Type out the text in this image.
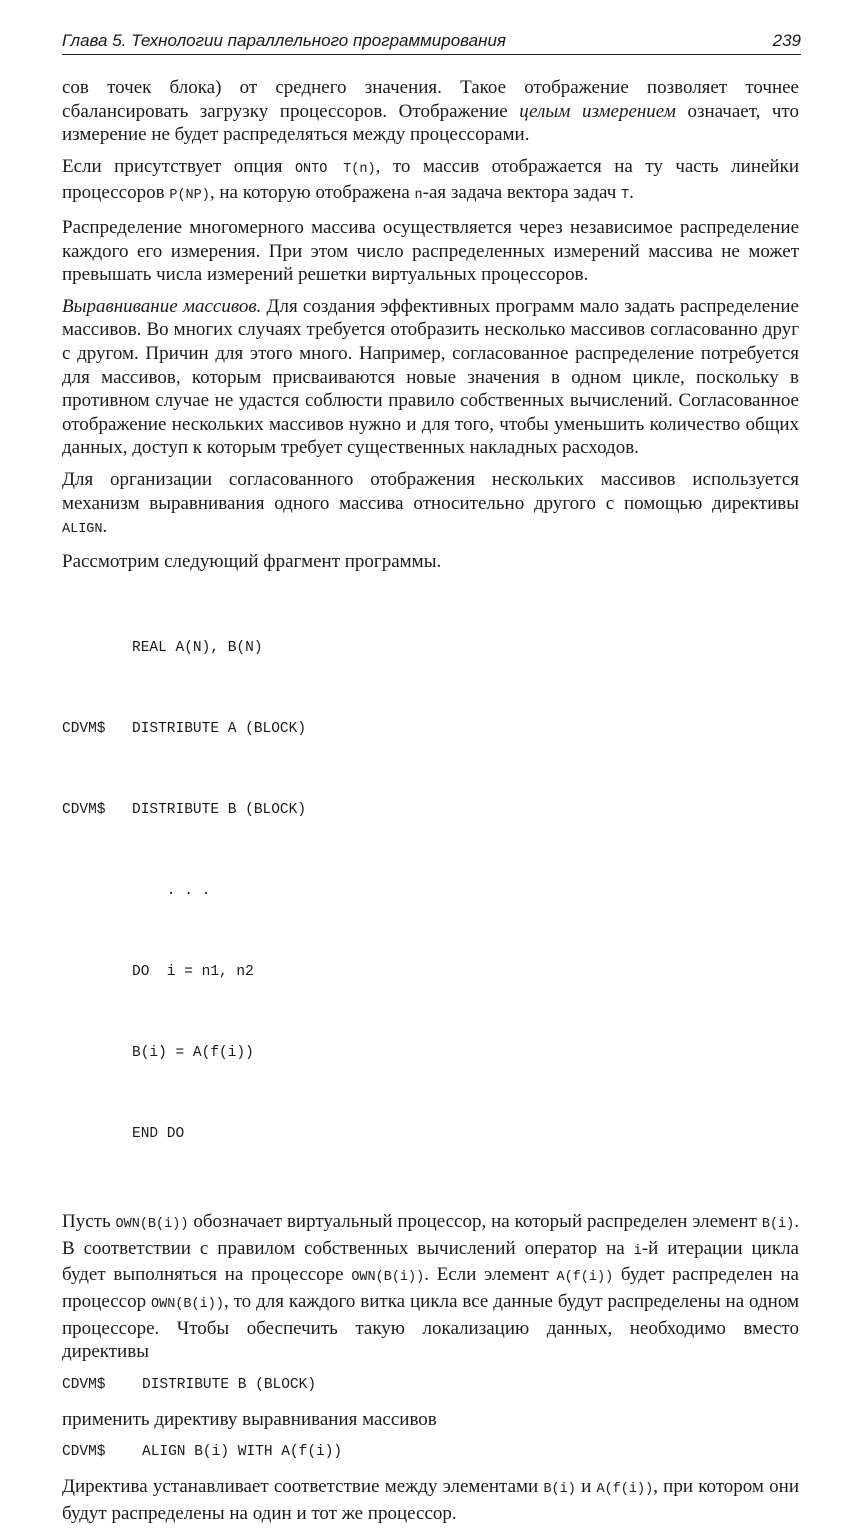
Глава 5. Технологии параллельного программирования	239

сов точек блока) от среднего значения. Такое отображение позволяет точнее сбалансировать загрузку процессоров. Отображение целым измерением означает, что измерение не будет распределяться между процессорами.

Если присутствует опция ONTO T(n), то массив отображается на ту часть линейки процессоров P(NP), на которую отображена n-ая задача вектора задач T.

Распределение многомерного массива осуществляется через независимое распределение каждого его измерения. При этом число распределенных измерений массива не может превышать числа измерений решетки виртуальных процессоров.

Выравнивание массивов. Для создания эффективных программ мало задать распределение массивов. Во многих случаях требуется отобразить несколько массивов согласованно друг с другом. Причин для этого много. Например, согласованное распределение потребуется для массивов, которым присваиваются новые значения в одном цикле, поскольку в противном случае не удастся соблюсти правило собственных вычислений. Согласованное отображение нескольких массивов нужно и для того, чтобы уменьшить количество общих данных, доступ к которым требует существенных накладных расходов.

Для организации согласованного отображения нескольких массивов используется механизм выравнивания одного массива относительно другого с помощью директивы ALIGN.

Рассмотрим следующий фрагмент программы.

REAL A(N), B(N)

CDVM$ DISTRIBUTE A (BLOCK)

CDVM$ DISTRIBUTE B (BLOCK)

. . .

DO  i = n1, n2

B(i) = A(f(i))

END DO

Пусть OWN(B(i)) обозначает виртуальный процессор, на который распределен элемент B(i). В соответствии с правилом собственных вычислений оператор на i-й итерации цикла будет выполняться на процессоре OWN(B(i)). Если элемент A(f(i)) будет распределен на процессор OWN(B(i)), то для каждого витка цикла все данные будут распределены на одном процессоре. Чтобы обеспечить такую локализацию данных, необходимо вместо директивы

CDVM$	DISTRIBUTE B (BLOCK)

применить директиву выравнивания массивов

CDVM$	ALIGN B(i) WITH A(f(i))

Директива устанавливает соответствие между элементами B(i) и A(f(i)), при котором они будут распределены на один и тот же процессор.
